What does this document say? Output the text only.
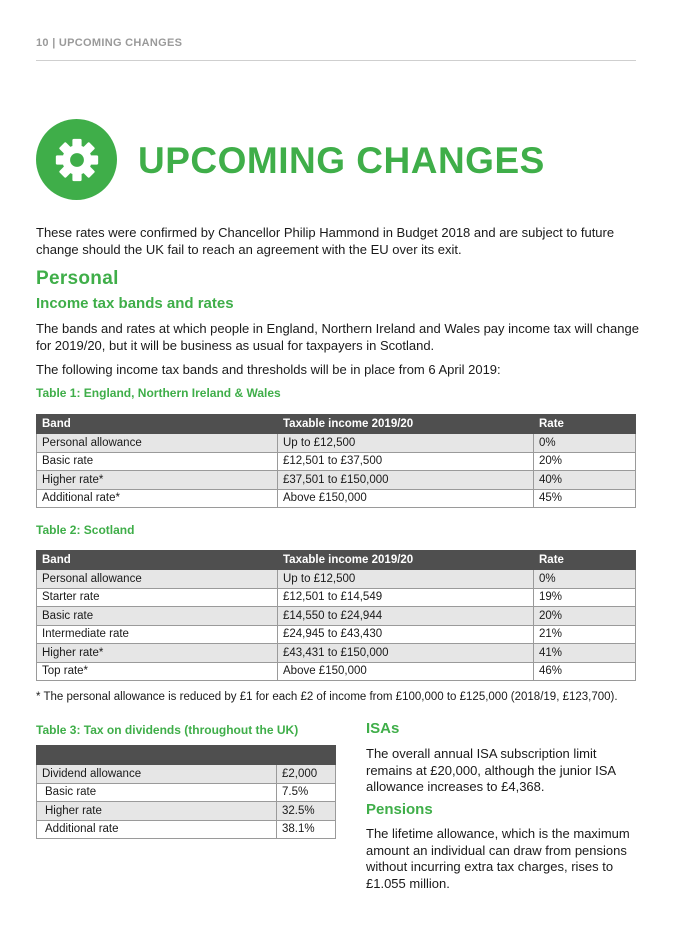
10 | UPCOMING CHANGES
UPCOMING CHANGES

These rates were confirmed by Chancellor Philip Hammond in Budget 2018 and are subject to future change should the UK fail to reach an agreement with the EU over its exit.

Personal
Income tax bands and rates

The bands and rates at which people in England, Northern Ireland and Wales pay income tax will change for 2019/20, but it will be business as usual for taxpayers in Scotland.

The following income tax bands and thresholds will be in place from 6 April 2019:

Table 1: England, Northern Ireland & Wales
Band	Taxable income 2019/20	Rate
Personal allowance	Up to £12,500	0%
Basic rate	£12,501 to £37,500	20%
Higher rate*	£37,501 to £150,000	40%
Additional rate*	Above £150,000	45%
Table 2: Scotland
Band	Taxable income 2019/20	Rate
Personal allowance	Up to £12,500	0%
Starter rate	£12,501 to £14,549	19%
Basic rate	£14,550 to £24,944	20%
Intermediate rate	£24,945 to £43,430	21%
Higher rate*	£43,431 to £150,000	41%
Top rate*	Above £150,000	46%

* The personal allowance is reduced by £1 for each £2 of income from £100,000 to £125,000 (2018/19, £123,700).

Table 3: Tax on dividends (throughout the UK)

Dividend allowance	£2,000
Basic rate	7.5%
Higher rate	32.5%
Additional rate	38.1%
ISAs

The overall annual ISA subscription limit remains at £20,000, although the junior ISA allowance increases to £4,368.

Pensions

The lifetime allowance, which is the maximum amount an individual can draw from pensions without incurring extra tax charges, rises to £1.055 million.
